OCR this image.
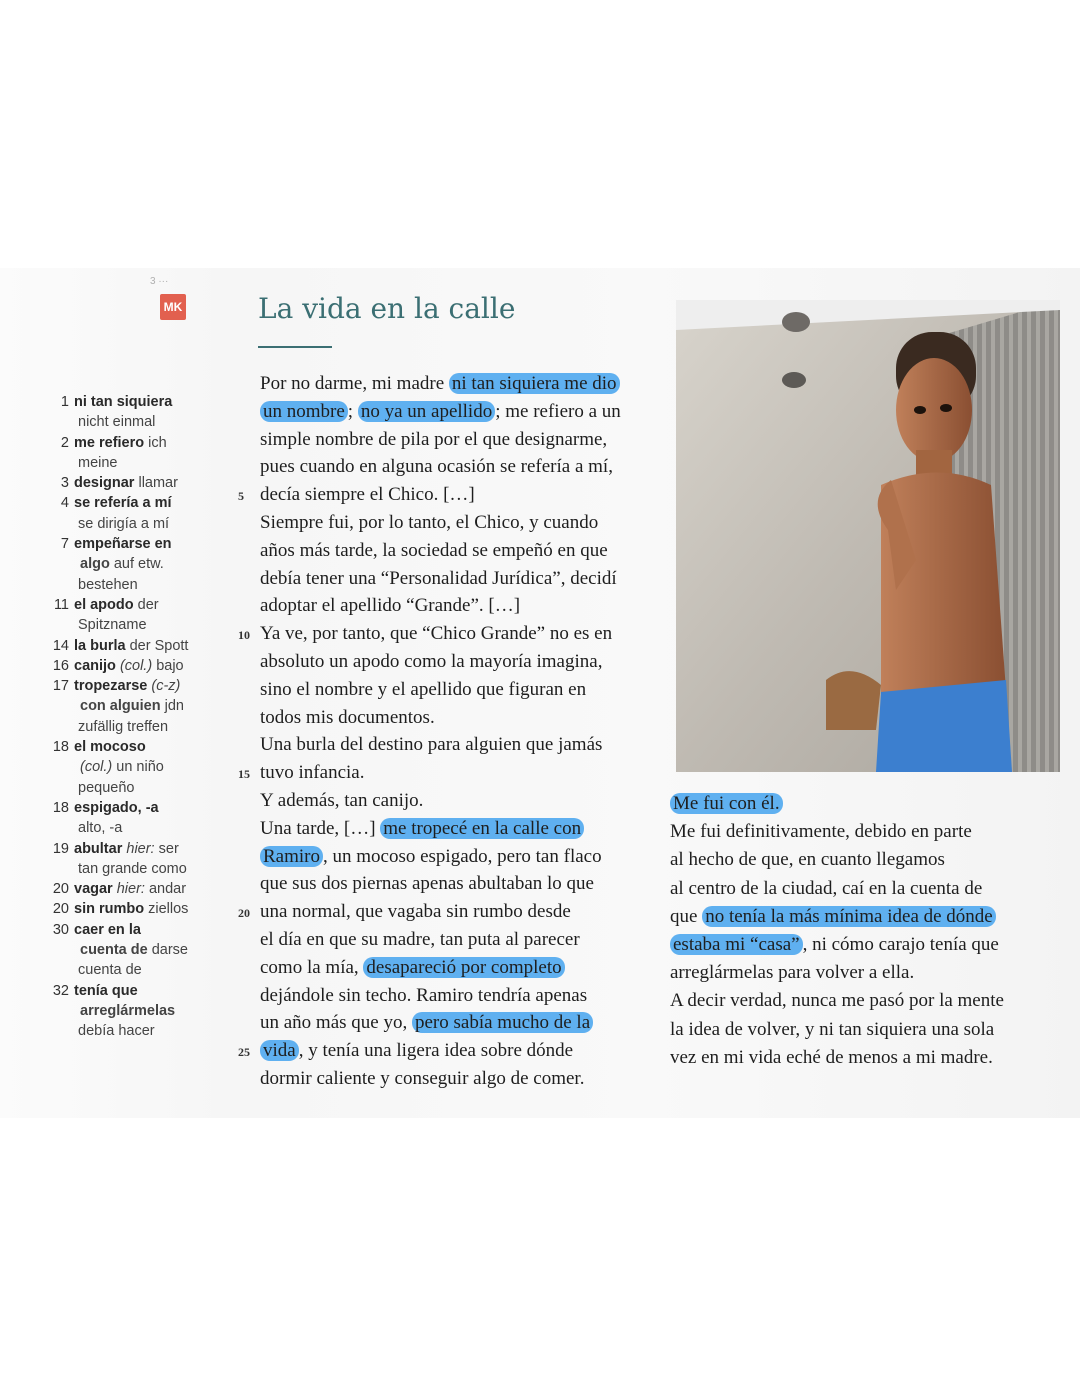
3 ···
MK	La vida en la calle
1 ni tan siquiera
nicht einmal
2 me refiero ich
meine
3 designar llamar
4 se refería a mí
se dirigía a mí
7 empeñarse en
algo auf etw.
bestehen
11 el apodo der
Spitzname
14 la burla der Spott
16 canijo (col.) bajo
17 tropezarse (c-z)
con alguien jdn
zufällig treffen
18 el mocoso
(col.) un niño
pequeño
18 espigado, -a
alto, -a
19 abultar hier: ser
tan grande como
20 vagar hier: andar
20 sin rumbo ziellos
30 caer en la
cuenta de darse
cuenta de
32 tenía que
arreglármelas
debía hacer
Por no darme, mi madre ni tan siquiera me dio
un nombre ; no ya un apellido ; me refiero a un
simple nombre de pila por el que designarme,
pues cuando en alguna ocasión se refería a mí,
5 decía siempre el Chico. […]
Siempre fui, por lo tanto, el Chico, y cuando
años más tarde, la sociedad se empeñó en que
debía tener una “Personalidad Jurídica”, decidí
adoptar el apellido “Grande”. […]
10 Ya ve, por tanto, que “Chico Grande” no es en
absoluto un apodo como la mayoría imagina,
sino el nombre y el apellido que figuran en
todos mis documentos.
Una burla del destino para alguien que jamás
15 tuvo infancia.
Y además, tan canijo.
Una tarde, […] me tropecé en la calle con
Ramiro , un mocoso espigado, pero tan flaco
que sus dos piernas apenas abultaban lo que
20 una normal, que vagaba sin rumbo desde
el día en que su madre, tan puta al parecer
como la mía, desapareció por completo
dejándole sin techo. Ramiro tendría apenas
un año más que yo, pero sabía mucho de la
25 vida , y tenía una ligera idea sobre dónde
dormir caliente y conseguir algo de comer.
Me fui con él.
Me fui definitivamente, debido en parte
al hecho de que, en cuanto llegamos
al centro de la ciudad, caí en la cuenta de
que no tenía la más mínima idea de dónde
estaba mi “casa” , ni cómo carajo tenía que
arreglármelas para volver a ella.
A decir verdad, nunca me pasó por la mente
la idea de volver, y ni tan siquiera una sola
vez en mi vida eché de menos a mi madre.
